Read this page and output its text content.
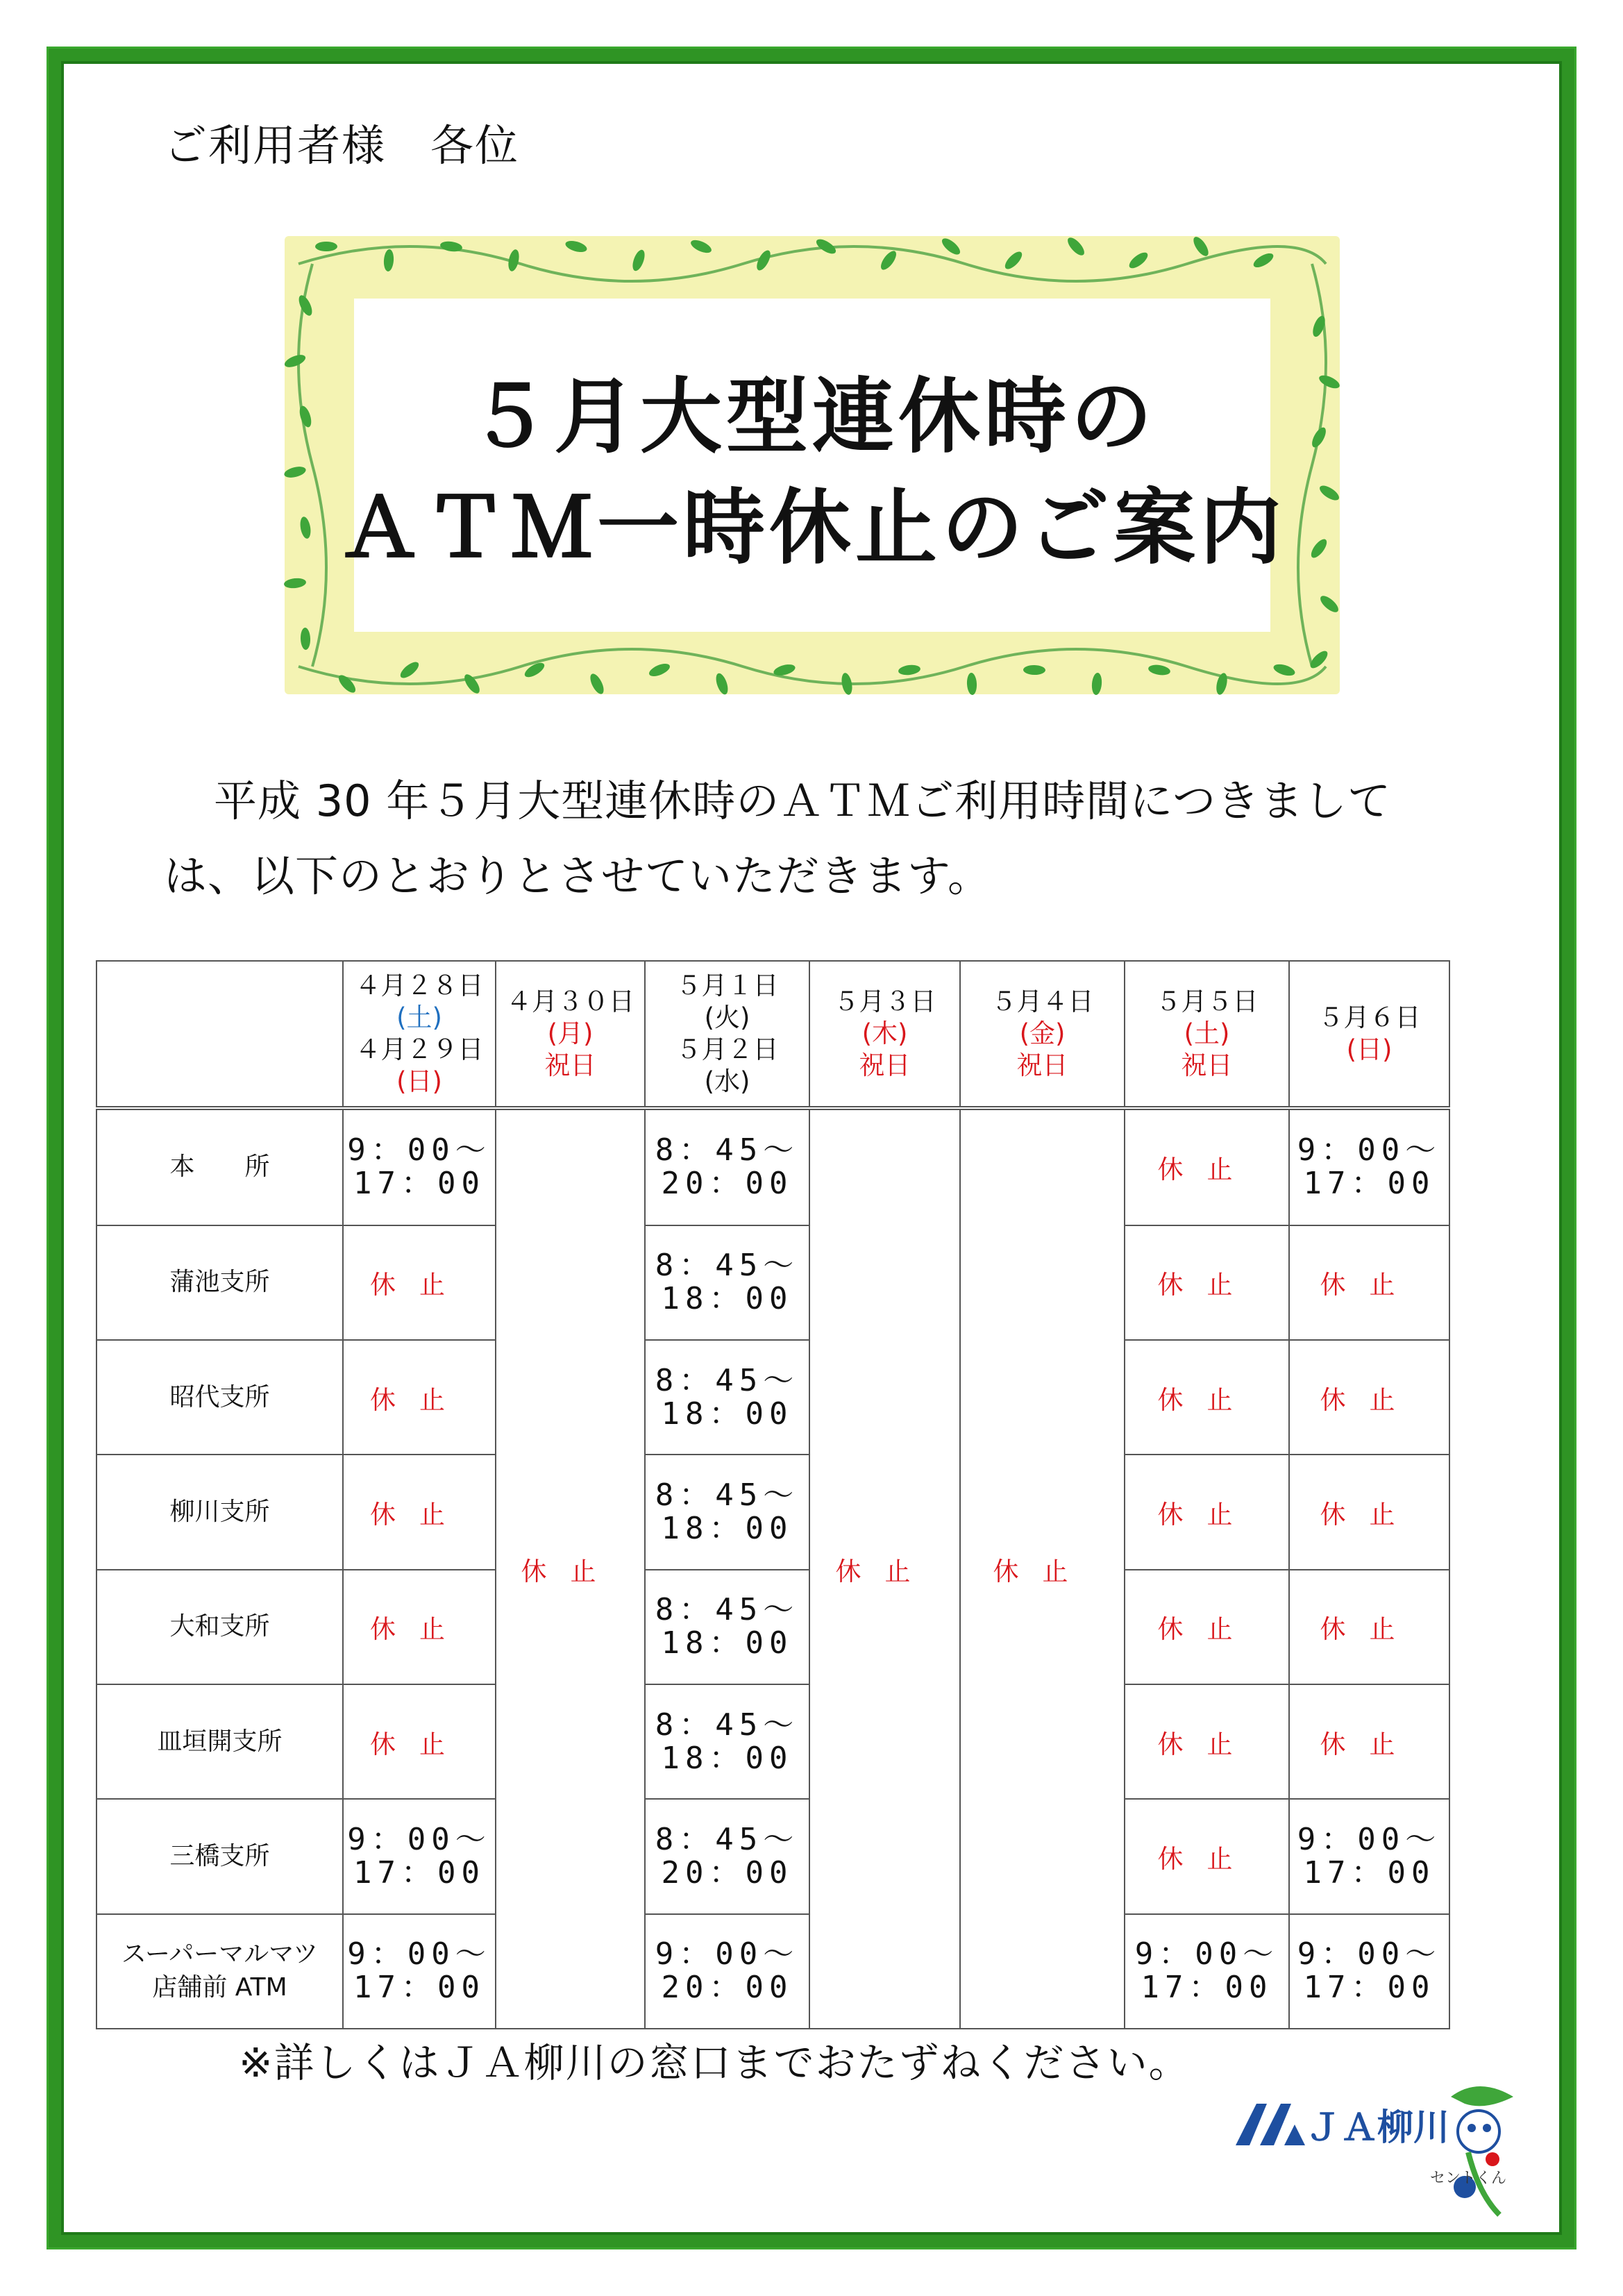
ご利用者様　各位
５月大型連休時の
ＡＴＭ一時休止のご案内
平成 30 年５月大型連休時のＡＴＭご利用時間につきまして
は、以下のとおりとさせていただきます。

	４月２８日
(土)
４月２９日
(日)	４月３０日
(月)
祝日	５月１日
(火)
５月２日
(水)	５月３日
(木)
祝日	５月４日
(金)
祝日	５月５日
(土)
祝日	５月６日
(日)

本　　所	9：00〜
17：00	休止	8：45〜
20：00	休止	休止	休止	9：00〜
17：00
蒲池支所	休止		8：45〜
18：00			休止	休止
昭代支所	休止		8：45〜
18：00			休止	休止
柳川支所	休止		8：45〜
18：00			休止	休止
大和支所	休止		8：45〜
18：00			休止	休止
皿垣開支所	休止		8：45〜
18：00			休止	休止
三橋支所	9：00〜
17：00		8：45〜
20：00			休止	9：00〜
17：00
スーパーマルマツ
店舗前 ATM	9：00〜
17：00		9：00〜
20：00			9：00〜
17：00	9：00〜
17：00
※詳しくはＪＡ柳川の窓口までおたずねください。
ＪＡ柳川
セントくん
